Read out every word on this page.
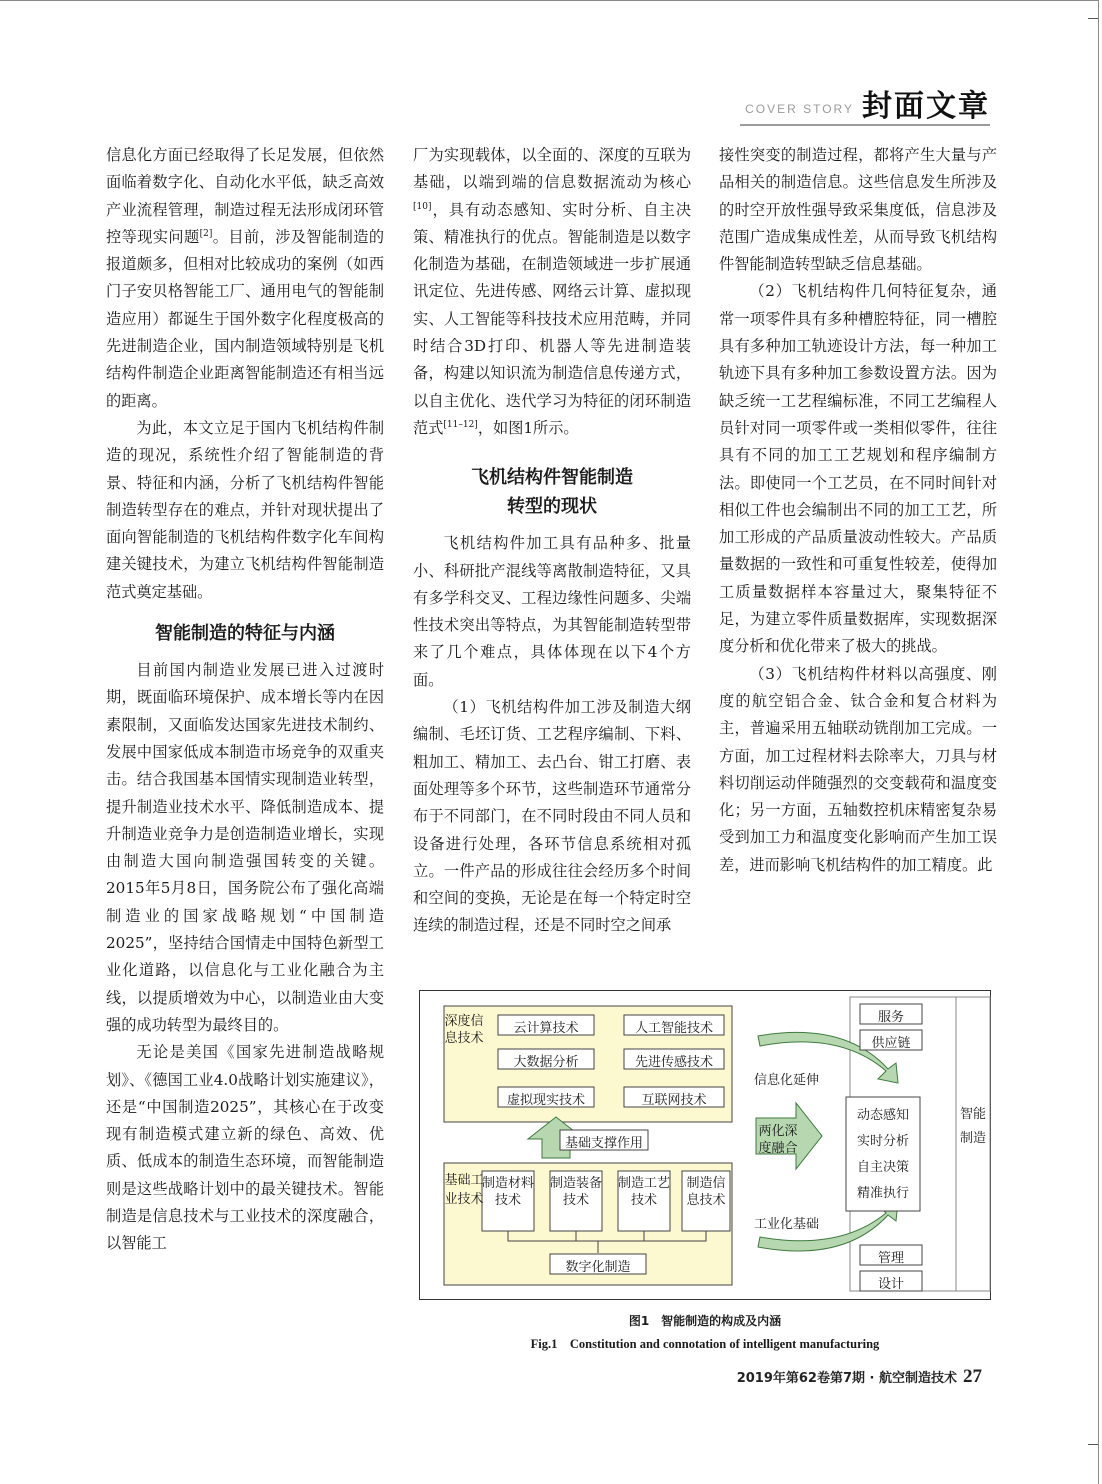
COVER STORY 封面文章

信息化方面已经取得了长足发展，但依然面临着数字化、自动化水平低，缺乏高效产业流程管理，制造过程无法形成闭环管控等现实问题[2]。目前，涉及智能制造的报道颇多，但相对比较成功的案例（如西门子安贝格智能工厂、通用电气的智能制造应用）都诞生于国外数字化程度极高的先进制造企业，国内制造领域特别是飞机结构件制造企业距离智能制造还有相当远的距离。

为此，本文立足于国内飞机结构件制造的现况，系统性介绍了智能制造的背景、特征和内涵，分析了飞机结构件智能制造转型存在的难点，并针对现状提出了面向智能制造的飞机结构件数字化车间构建关键技术，为建立飞机结构件智能制造范式奠定基础。

智能制造的特征与内涵

目前国内制造业发展已进入过渡时期，既面临环境保护、成本增长等内在因素限制，又面临发达国家先进技术制约、发展中国家低成本制造市场竞争的双重夹击。结合我国基本国情实现制造业转型，提升制造业技术水平、降低制造成本、提升制造业竞争力是创造制造业增长，实现由制造大国向制造强国转变的关键。2015年5月8日，国务院公布了强化高端制造业的国家战略规划“中国制造2025”，坚持结合国情走中国特色新型工业化道路，以信息化与工业化融合为主线，以提质增效为中心，以制造业由大变强的成功转型为最终目的。

无论是美国《国家先进制造战略规划》、《德国工业4.0战略计划实施建议》，还是“中国制造2025”，其核心在于改变现有制造模式建立新的绿色、高效、优质、低成本的制造生态环境，而智能制造则是这些战略计划中的最关键技术。智能制造是信息技术与工业技术的深度融合，以智能工

厂为实现载体，以全面的、深度的互联为基础，以端到端的信息数据流动为核心[10]，具有动态感知、实时分析、自主决策、精准执行的优点。智能制造是以数字化制造为基础，在制造领域进一步扩展通讯定位、先进传感、网络云计算、虚拟现实、人工智能等科技技术应用范畴，并同时结合3D打印、机器人等先进制造装备，构建以知识流为制造信息传递方式，以自主优化、迭代学习为特征的闭环制造范式[11–12]，如图1所示。

飞机结构件智能制造
转型的现状

飞机结构件加工具有品种多、批量小、科研批产混线等离散制造特征，又具有多学科交叉、工程边缘性问题多、尖端性技术突出等特点，为其智能制造转型带来了几个难点，具体体现在以下4个方面。

（1）飞机结构件加工涉及制造大纲编制、毛坯订货、工艺程序编制、下料、粗加工、精加工、去凸台、钳工打磨、表面处理等多个环节，这些制造环节通常分布于不同部门，在不同时段由不同人员和设备进行处理，各环节信息系统相对孤立。一件产品的形成往往会经历多个时间和空间的变换，无论是在每一个特定时空连续的制造过程，还是不同时空之间承

接性突变的制造过程，都将产生大量与产品相关的制造信息。这些信息发生所涉及的时空开放性强导致采集度低，信息涉及范围广造成集成性差，从而导致飞机结构件智能制造转型缺乏信息基础。

（2）飞机结构件几何特征复杂，通常一项零件具有多种槽腔特征，同一槽腔具有多种加工轨迹设计方法，每一种加工轨迹下具有多种加工参数设置方法。因为缺乏统一工艺程编标准，不同工艺编程人员针对同一项零件或一类相似零件，往往具有不同的加工工艺规划和程序编制方法。即使同一个工艺员，在不同时间针对相似工件也会编制出不同的加工工艺，所加工形成的产品质量波动性较大。产品质量数据的一致性和可重复性较差，使得加工质量数据样本容量过大，聚集特征不足，为建立零件质量数据库，实现数据深度分析和优化带来了极大的挑战。

（3）飞机结构件材料以高强度、刚度的航空铝合金、钛合金和复合材料为主，普遍采用五轴联动铣削加工完成。一方面，加工过程材料去除率大，刀具与材料切削运动伴随强烈的交变载荷和温度变化；另一方面，五轴数控机床精密复杂易受到加工力和温度变化影响而产生加工误差，进而影响飞机结构件的加工精度。此

深度信息技术
云计算技术	人工智能技术
大数据分析	先进传感技术
虚拟现实技术	互联网技术
基础支撑作用
基础工业技术
制造材料技术
制造装备技术
制造工艺技术
制造信息技术
数字化制造
信息化延伸
工业化基础
两化深度融合
服务
供应链
动态感知
实时分析
自主决策
精准执行
管理
设计
智能制造
图1　智能制造的构成及内涵
Fig.1　Constitution and connotation of intelligent manufacturing
2019年第62卷第7期 · 航空制造技术 27
